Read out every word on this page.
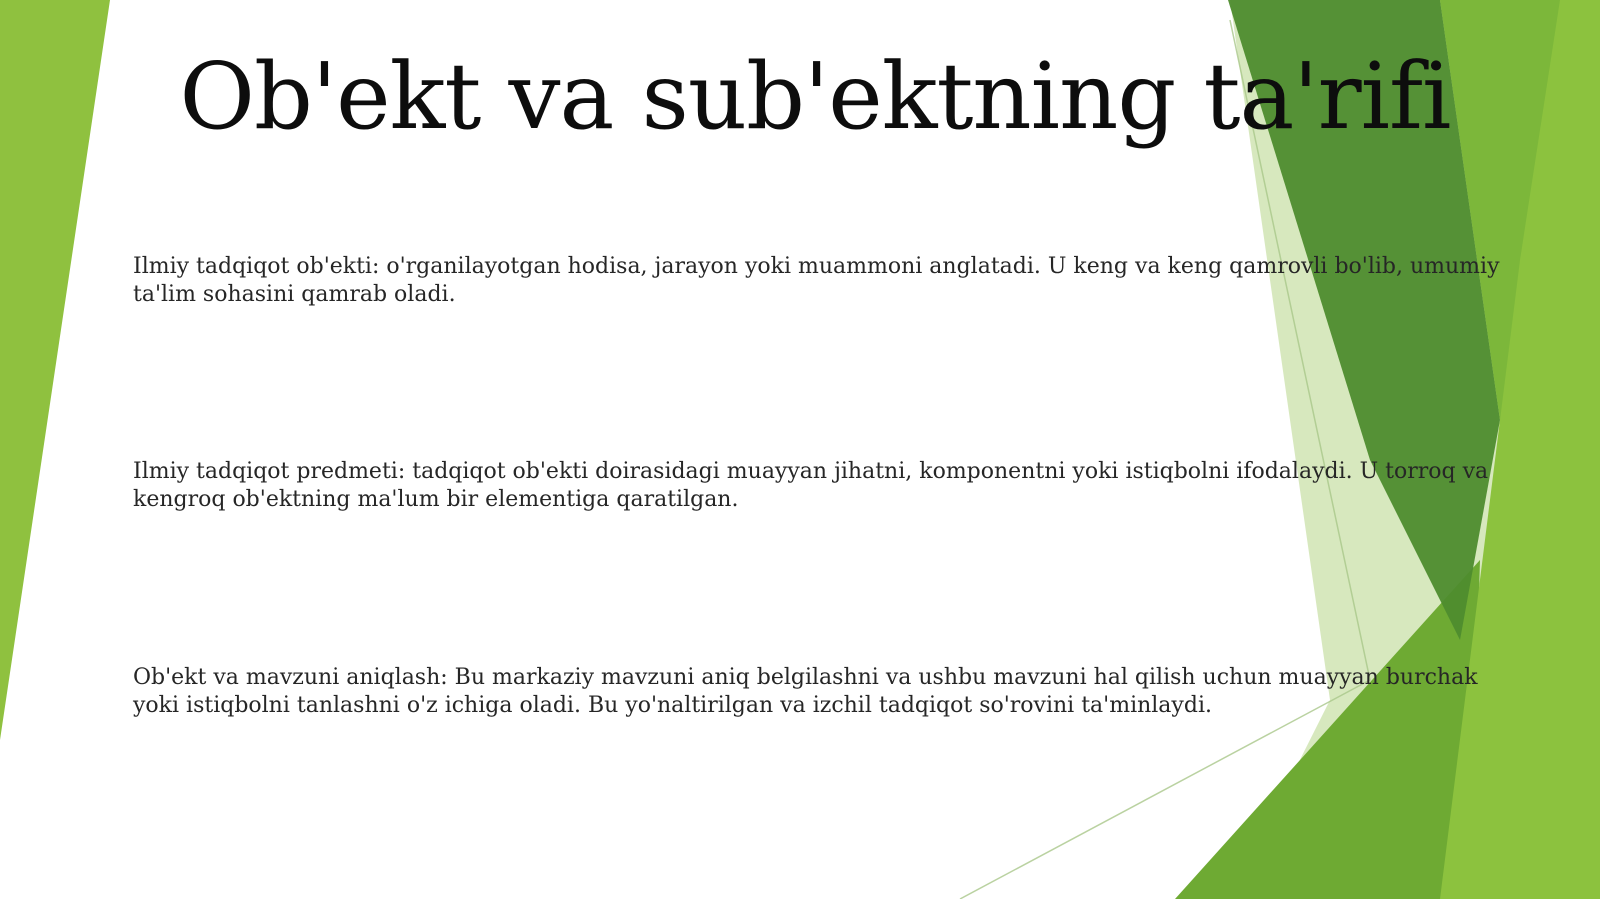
Ob'ekt va sub'ektning ta'rifi

Ilmiy tadqiqot ob'ekti: o'rganilayotgan hodisa, jarayon yoki muammoni anglatadi. U keng va keng qamrovli bo'lib, umumiy ta'lim sohasini qamrab oladi.

Ilmiy tadqiqot predmeti: tadqiqot ob'ekti doirasidagi muayyan jihatni, komponentni yoki istiqbolni ifodalaydi. U torroq va kengroq ob'ektning ma'lum bir elementiga qaratilgan.

Ob'ekt va mavzuni aniqlash: Bu markaziy mavzuni aniq belgilashni va ushbu mavzuni hal qilish uchun muayyan burchak yoki istiqbolni tanlashni o'z ichiga oladi. Bu yo'naltirilgan va izchil tadqiqot so'rovini ta'minlaydi.
